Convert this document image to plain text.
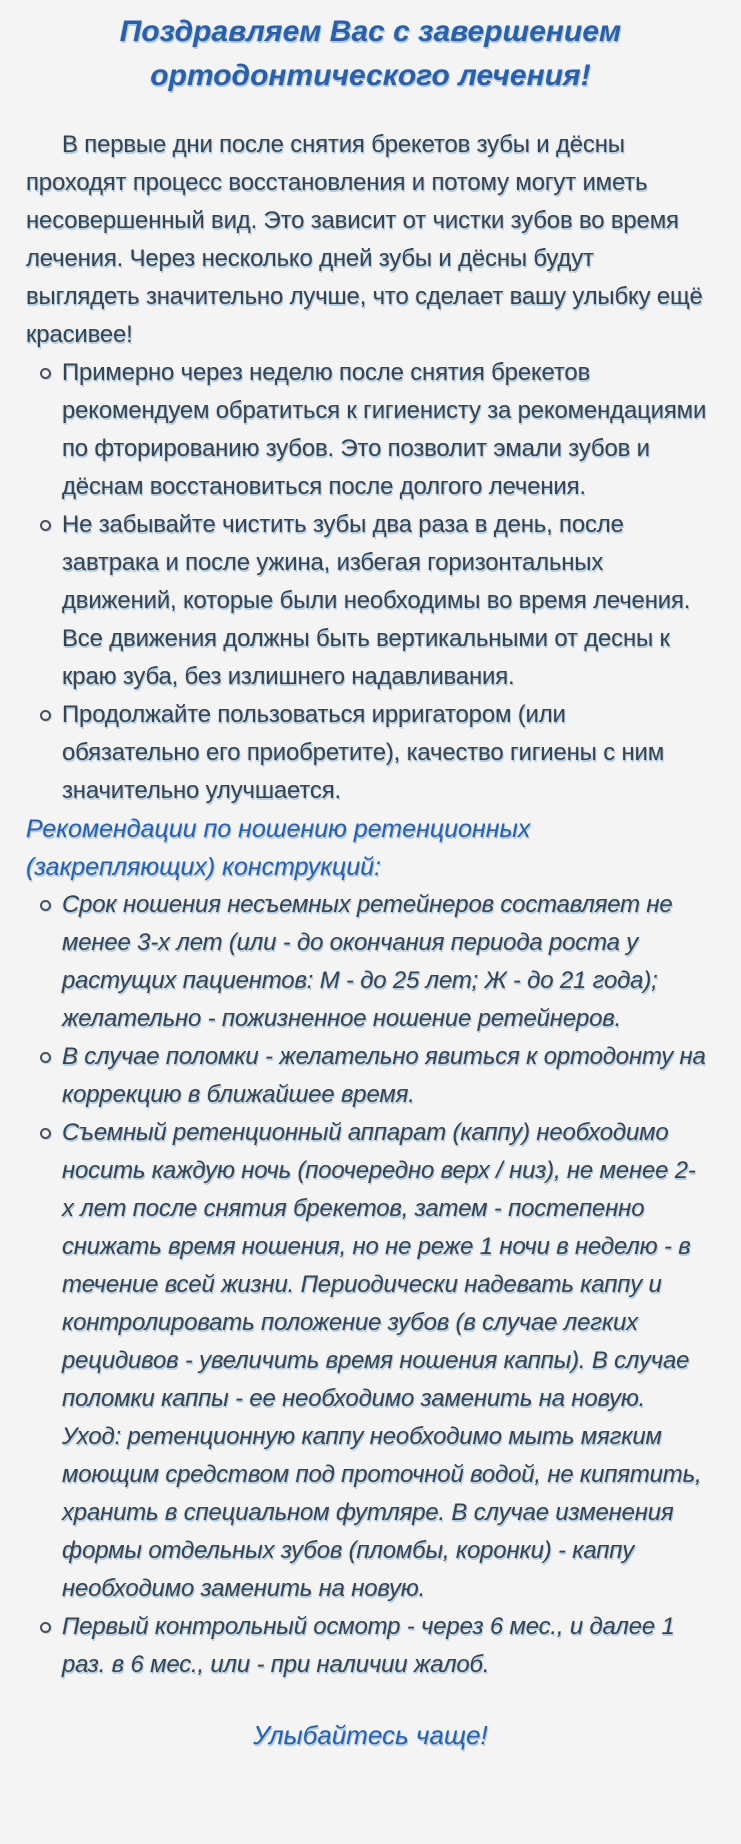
Поздравляем Вас с завершением ортодонтического лечения!

В первые дни после снятия брекетов зубы и дёсны проходят процесс восстановления и потому могут иметь несовершенный вид. Это зависит от чистки зубов во время лечения. Через несколько дней зубы и дёсны будут выглядеть значительно лучше, что сделает вашу улыбку ещё красивее!

Примерно через неделю после снятия брекетов рекомендуем обратиться к гигиенисту за рекомендациями по фторированию зубов. Это позволит эмали зубов и дёснам восстановиться после долгого лечения.
Не забывайте чистить зубы два раза в день, после завтрака и после ужина, избегая горизонтальных движений, которые были необходимы во время лечения. Все движения должны быть вертикальными от десны к краю зуба, без излишнего надавливания.
Продолжайте пользоваться ирригатором (или обязательно его приобретите), качество гигиены с ним значительно улучшается.
Рекомендации по ношению ретенционных (закрепляющих) конструкций:
Срок ношения несъемных ретейнеров составляет не менее 3-х лет (или - до окончания периода роста у растущих пациентов: М - до 25 лет; Ж - до 21 года); желательно - пожизненное ношение ретейнеров.
В случае поломки - желательно явиться к ортодонту на коррекцию в ближайшее время.
Съемный ретенционный аппарат (каппу) необходимо носить каждую ночь (поочередно верх / низ), не менее 2-х лет после снятия брекетов, затем - постепенно снижать время ношения, но не реже 1 ночи в неделю - в течение всей жизни. Периодически надевать каппу и контролировать положение зубов (в случае легких рецидивов - увеличить время ношения каппы). В случае поломки каппы - ее необходимо заменить на новую. Уход: ретенционную каппу необходимо мыть мягким моющим средством под проточной водой, не кипятить, хранить в специальном футляре. В случае изменения формы отдельных зубов (пломбы, коронки) - каппу необходимо заменить на новую.
Первый контрольный осмотр - через 6 мес., и далее 1 раз. в 6 мес., или - при наличии жалоб.

Улыбайтесь чаще!
